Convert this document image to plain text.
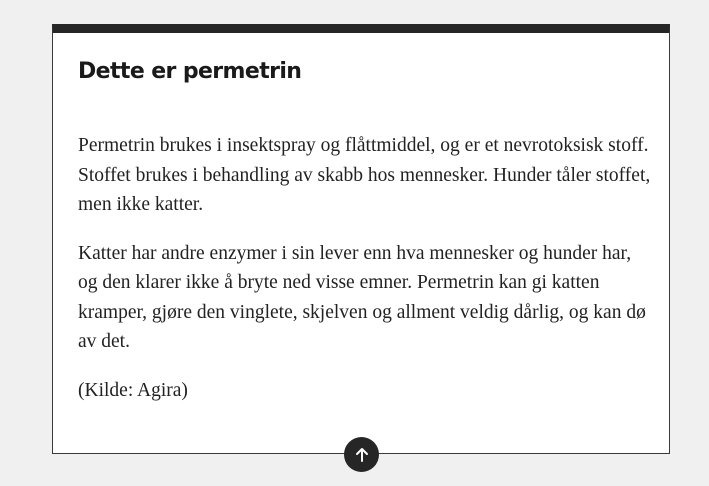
Dette er permetrin

Permetrin brukes i insektspray og flåttmiddel, og er et nevrotoksisk stoff. Stoffet brukes i behandling av skabb hos mennesker. Hunder tåler stoffet, men ikke katter.

Katter har andre enzymer i sin lever enn hva mennesker og hunder har, og den klarer ikke å bryte ned visse emner. Permetrin kan gi katten kramper, gjøre den vinglete, skjelven og allment veldig dårlig, og kan dø av det.

(Kilde: Agira)
